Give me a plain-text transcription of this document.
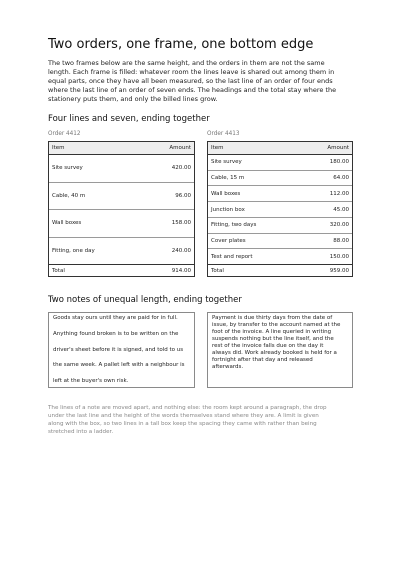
Two orders, one frame, one bottom edge

The two frames below are the same height, and the orders in them are not the same
length. Each frame is filled: whatever room the lines leave is shared out among them in
equal parts, once they have all been measured, so the last line of an order of four ends
where the last line of an order of seven ends. The headings and the total stay where the
stationery puts them, and only the billed lines grow.

Four lines and seven, ending together

Order 4412

Item	Amount
Site survey	420.00
Cable, 40 m	96.00
Wall boxes	158.00
Fitting, one day	240.00
Total	914.00

Order 4413

Item	Amount
Site survey	180.00
Cable, 15 m	64.00
Wall boxes	112.00
Junction box	45.00
Fitting, two days	320.00
Cover plates	88.00
Test and report	150.00
Total	959.00
Two notes of unequal length, ending together
Goods stay ours until they are paid for in full.
Anything found broken is to be written on the
driver's sheet before it is signed, and told to us
the same week. A pallet left with a neighbour is
left at the buyer's own risk.
Payment is due thirty days from the date of
issue, by transfer to the account named at the
foot of the invoice. A line queried in writing
suspends nothing but the line itself, and the
rest of the invoice falls due on the day it
always did. Work already booked is held for a
fortnight after that day and released
afterwards.

The lines of a note are moved apart, and nothing else: the room kept around a paragraph, the drop
under the last line and the height of the words themselves stand where they are. A limit is given
along with the box, so two lines in a tall box keep the spacing they came with rather than being
stretched into a ladder.
